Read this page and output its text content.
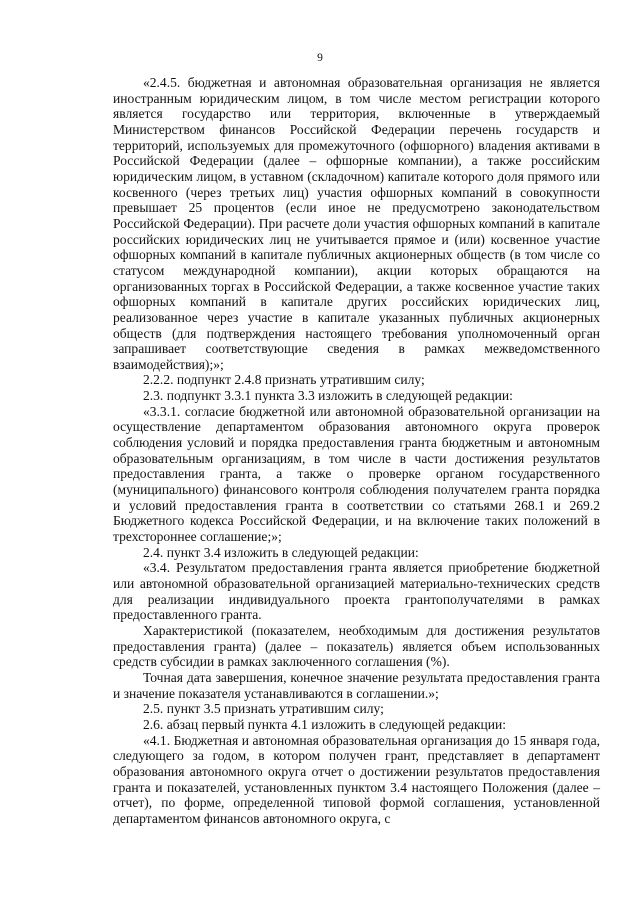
9

«2.4.5. бюджетная и автономная образовательная организация не является иностранным юридическим лицом, в том числе местом регистрации которого является государство или территория, включенные в утверждаемый Министерством финансов Российской Федерации перечень государств и территорий, используемых для промежуточного (офшорного) владения активами в Российской Федерации (далее – офшорные компании), а также российским юридическим лицом, в уставном (складочном) капитале которого доля прямого или косвенного (через третьих лиц) участия офшорных компаний в совокупности превышает 25 процентов (если иное не предусмотрено законодательством Российской Федерации). При расчете доли участия офшорных компаний в капитале российских юридических лиц не учитывается прямое и (или) косвенное участие офшорных компаний в капитале публичных акционерных обществ (в том числе со статусом международной компании), акции которых обращаются на организованных торгах в Российской Федерации, а также косвенное участие таких офшорных компаний в капитале других российских юридических лиц, реализованное через участие в капитале указанных публичных акционерных обществ (для подтверждения настоящего требования уполномоченный орган запрашивает соответствующие сведения в рамках межведомственного взаимодействия);»;

2.2.2. подпункт 2.4.8 признать утратившим силу;

2.3. подпункт 3.3.1 пункта 3.3 изложить в следующей редакции:

«3.3.1. согласие бюджетной или автономной образовательной организации на осуществление департаментом образования автономного округа проверок соблюдения условий и порядка предоставления гранта бюджетным и автономным образовательным организациям, в том числе в части достижения результатов предоставления гранта, а также о проверке органом государственного (муниципального) финансового контроля соблюдения получателем гранта порядка и условий предоставления гранта в соответствии со статьями 268.1 и 269.2 Бюджетного кодекса Российской Федерации, и на включение таких положений в трехстороннее соглашение;»;

2.4. пункт 3.4 изложить в следующей редакции:

«3.4. Результатом предоставления гранта является приобретение бюджетной или автономной образовательной организацией материально-технических средств для реализации индивидуального проекта грантополучателями в рамках предоставленного гранта.

Характеристикой (показателем, необходимым для достижения результатов предоставления гранта) (далее – показатель) является объем использованных средств субсидии в рамках заключенного соглашения (%).

Точная дата завершения, конечное значение результата предоставления гранта и значение показателя устанавливаются в соглашении.»;

2.5. пункт 3.5 признать утратившим силу;

2.6. абзац первый пункта 4.1 изложить в следующей редакции:

«4.1. Бюджетная и автономная образовательная организация до 15 января года, следующего за годом, в котором получен грант, представляет в департамент образования автономного округа отчет о достижении результатов предоставления гранта и показателей, установленных пунктом 3.4 настоящего Положения (далее – отчет), по форме, определенной типовой формой соглашения, установленной департаментом финансов автономного округа, с
